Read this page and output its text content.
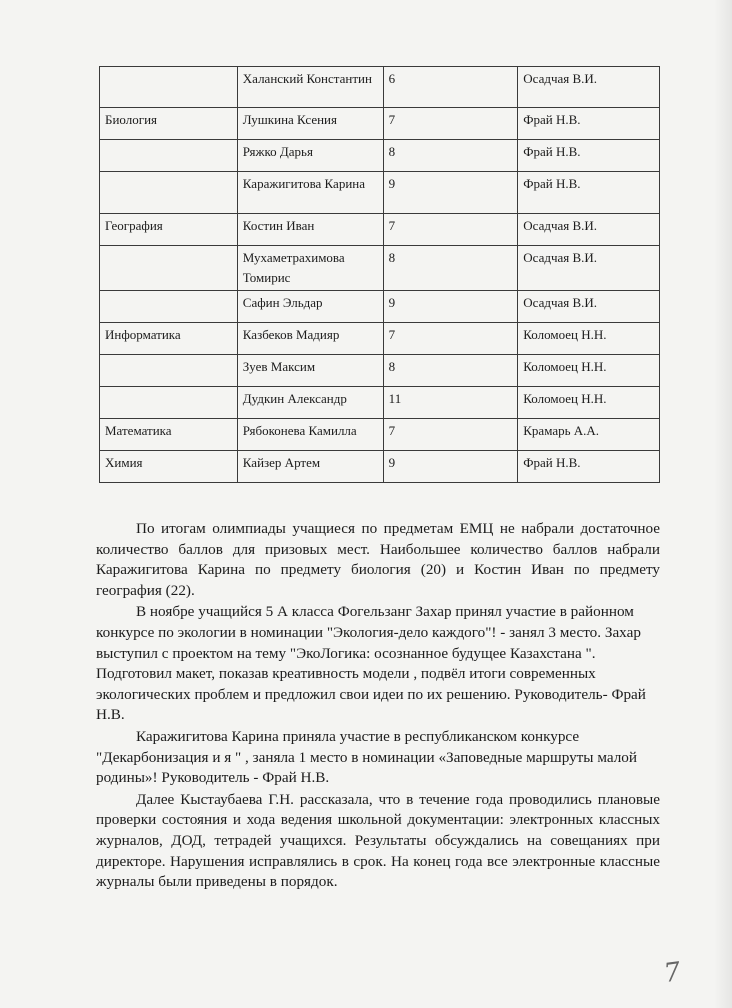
	Халанский Константин	6	Осадчая В.И.
Биология	Лушкина Ксения	7	Фрай Н.В.
	Ряжко Дарья	8	Фрай Н.В.
	Каражигитова Карина	9	Фрай Н.В.
География	Костин Иван	7	Осадчая В.И.
	Мухаметрахимова Томирис	8	Осадчая В.И.
	Сафин Эльдар	9	Осадчая В.И.
Информатика	Казбеков Мадияр	7	Коломоец Н.Н.
	Зуев Максим	8	Коломоец Н.Н.
	Дудкин Александр	11	Коломоец Н.Н.
Математика	Рябоконева Камилла	7	Крамарь А.А.
Химия	Кайзер Артем	9	Фрай Н.В.

По итогам олимпиады учащиеся по предметам ЕМЦ не набрали достаточное количество баллов для призовых мест. Наибольшее количество баллов набрали Каражигитова Карина по предмету биология (20) и Костин Иван по предмету география (22).

В ноябре учащийся 5 А класса Фогельзанг Захар принял участие в районном конкурсе по экологии в номинации "Экология-дело каждого"! - занял 3 место. Захар выступил с проектом на тему "ЭкоЛогика: осознанное будущее Казахстана ". Подготовил макет, показав креативность модели , подвёл итоги современных экологических проблем и предложил свои идеи по их решению. Руководитель- Фрай Н.В.

Каражигитова Карина приняла участие в республиканском конкурсе "Декарбонизация и я " , заняла 1 место в номинации «Заповедные маршруты малой родины»! Руководитель - Фрай Н.В.

Далее Кыстаубаева Г.Н. рассказала, что в течение года проводились плановые проверки состояния и хода ведения школьной документации: электронных классных журналов, ДОД, тетрадей учащихся. Результаты обсуждались на совещаниях при директоре. Нарушения исправлялись в срок. На конец года все электронные классные журналы были приведены в порядок.

7
